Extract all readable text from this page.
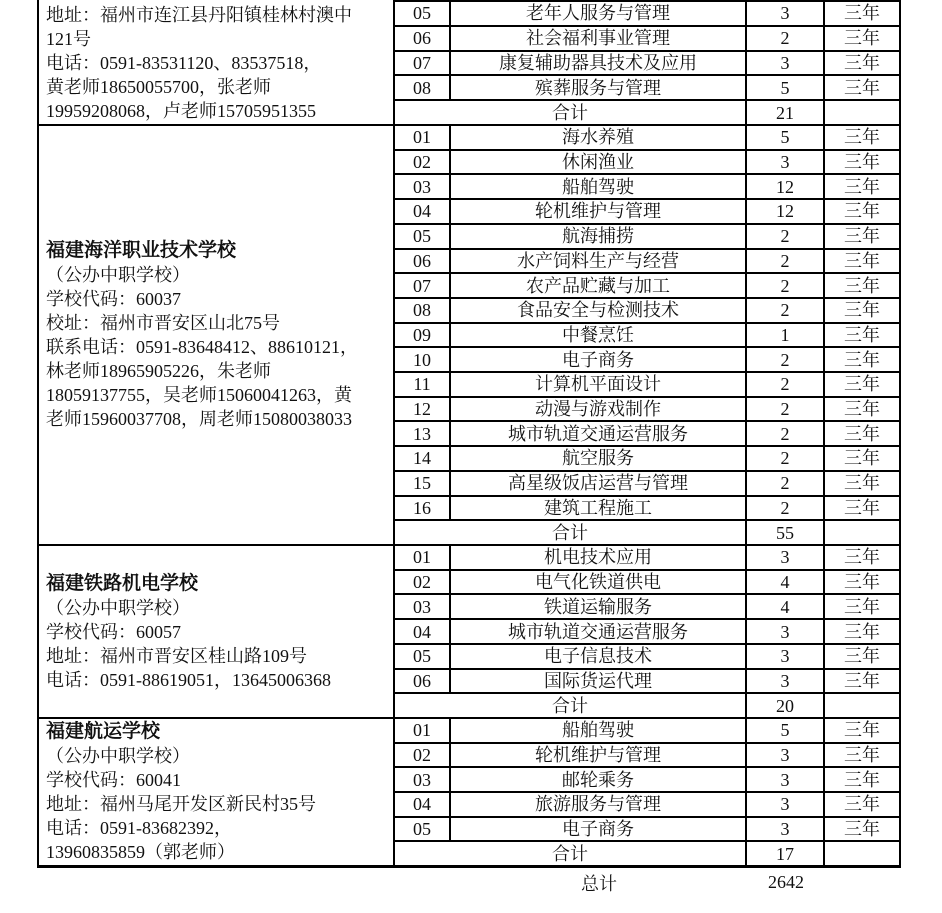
地址：福州市连江县丹阳镇桂林村澳中
121号
电话：0591-83531120、83537518，
黄老师18650055700，张老师
19959208068，卢老师15705951355
05	老年人服务与管理	3	三年
06	社会福利事业管理	2	三年
07	康复辅助器具技术及应用	3	三年
08	殡葬服务与管理	5	三年
合计	21
福建海洋职业技术学校
（公办中职学校）
学校代码：60037
校址：福州市晋安区山北75号
联系电话：0591-83648412、88610121，
林老师18965905226，朱老师
18059137755，吴老师15060041263，黄
老师15960037708，周老师15080038033
01	海水养殖	5	三年
02	休闲渔业	3	三年
03	船舶驾驶	12	三年
04	轮机维护与管理	12	三年
05	航海捕捞	2	三年
06	水产饲料生产与经营	2	三年
07	农产品贮藏与加工	2	三年
08	食品安全与检测技术	2	三年
09	中餐烹饪	1	三年
10	电子商务	2	三年
11	计算机平面设计	2	三年
12	动漫与游戏制作	2	三年
13	城市轨道交通运营服务	2	三年
14	航空服务	2	三年
15	高星级饭店运营与管理	2	三年
16	建筑工程施工	2	三年
合计	55
福建铁路机电学校
（公办中职学校）
学校代码：60057
地址：福州市晋安区桂山路109号
电话：0591-88619051，13645006368
01	机电技术应用	3	三年
02	电气化铁道供电	4	三年
03	铁道运输服务	4	三年
04	城市轨道交通运营服务	3	三年
05	电子信息技术	3	三年
06	国际货运代理	3	三年
合计	20
福建航运学校
（公办中职学校）
学校代码：60041
地址：福州马尾开发区新民村35号
电话：0591-83682392，
13960835859（郭老师）
01	船舶驾驶	5	三年
02	轮机维护与管理	3	三年
03	邮轮乘务	3	三年
04	旅游服务与管理	3	三年
05	电子商务	3	三年
合计	17
总计	2642
